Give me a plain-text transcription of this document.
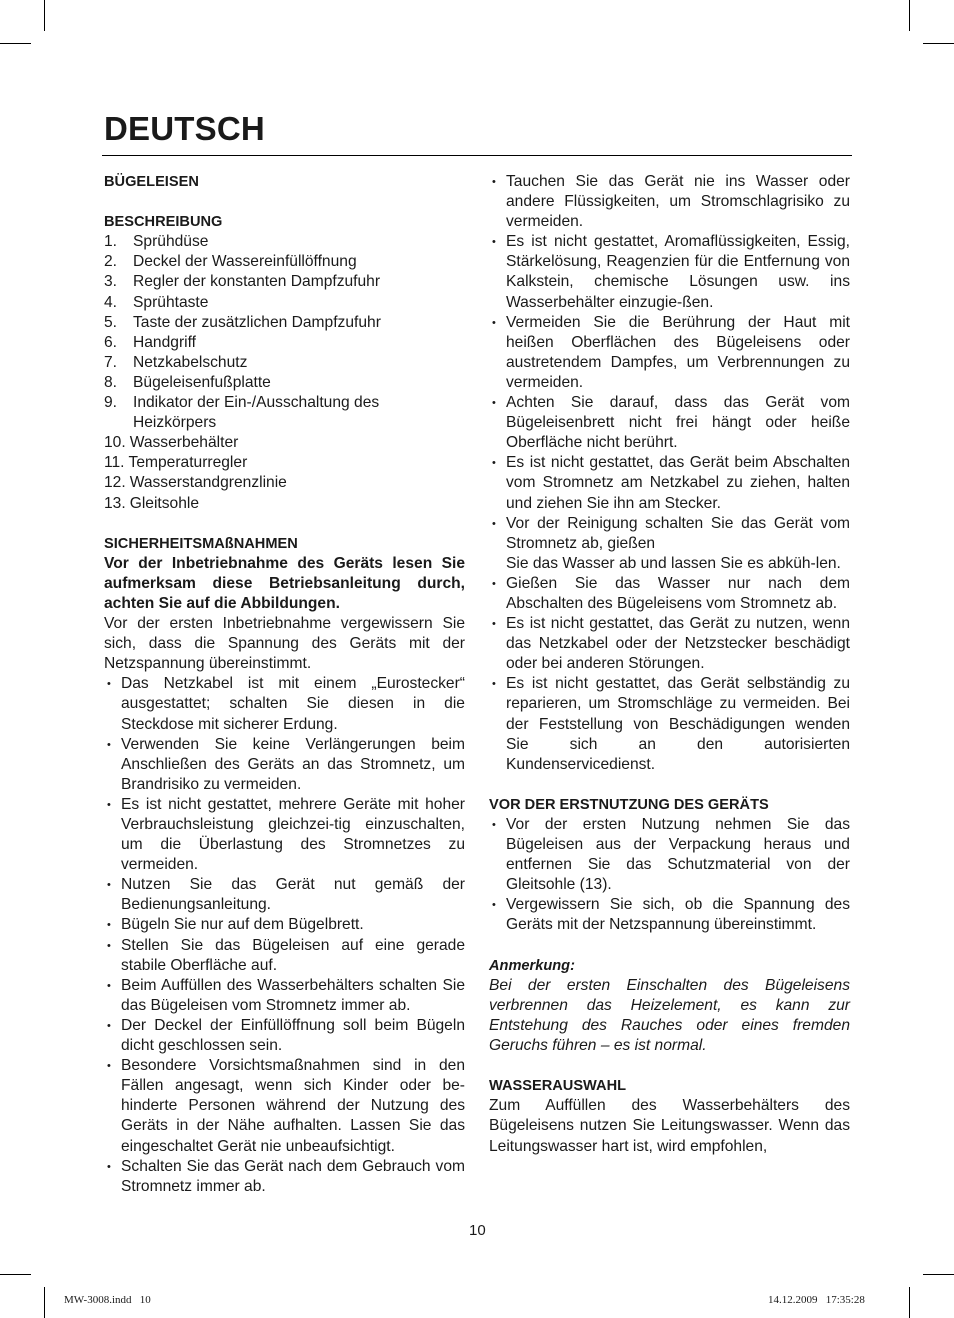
DEUTSCH

BÜGELEISEN

BESCHREIBUNG

1. Sprühdüse
2. Deckel der Wassereinfüllöffnung
3. Regler der konstanten Dampfzufuhr
4. Sprühtaste
5. Taste der zusätzlichen Dampfzufuhr
6. Handgriff
7. Netzkabelschutz
8. Bügeleisenfußplatte
9. Indikator der Ein-/Ausschaltung des Heizkörpers
10. Wasserbehälter
11. Temperaturregler
12. Wasserstandgrenzlinie
13. Gleitsohle

SICHERHEITSMAßNAHMEN

Vor der Inbetriebnahme des Geräts lesen Sie aufmerksam diese Betriebsanleitung durch, achten Sie auf die Abbildungen.

Vor der ersten Inbetriebnahme vergewissern Sie sich, dass die Spannung des Geräts mit der Netzspannung übereinstimmt.

• Das Netzkabel ist mit einem „Eurostecker“ ausgestattet; schalten Sie diesen in die Steckdose mit sicherer Erdung.
• Verwenden Sie keine Verlängerungen beim Anschließen des Geräts an das Stromnetz, um Brandrisiko zu vermeiden.
• Es ist nicht gestattet, mehrere Geräte mit hoher Verbrauchsleistung gleichzei-tig einzuschalten, um die Überlastung des Stromnetzes zu vermeiden.
• Nutzen Sie das Gerät nut gemäß der Bedienungsanleitung.
• Bügeln Sie nur auf dem Bügelbrett.
• Stellen Sie das Bügeleisen auf eine gerade stabile Oberfläche auf.
• Beim Auffüllen des Wasserbehälters schalten Sie das Bügeleisen vom Stromnetz immer ab.
• Der Deckel der Einfüllöffnung soll beim Bügeln dicht geschlossen sein.
• Besondere Vorsichtsmaßnahmen sind in den Fällen angesagt, wenn sich Kinder oder be-hinderte Personen während der Nutzung des Geräts in der Nähe aufhalten. Lassen Sie das eingeschaltet Gerät nie unbeaufsichtigt.
• Schalten Sie das Gerät nach dem Gebrauch vom Stromnetz immer ab.
• Tauchen Sie das Gerät nie ins Wasser oder andere Flüssigkeiten, um Stromschlagrisiko zu vermeiden.
• Es ist nicht gestattet, Aromaflüssigkeiten, Essig, Stärkelösung, Reagenzien für die Entfernung von Kalkstein, chemische Lösungen usw. ins Wasserbehälter einzugie-ßen.
• Vermeiden Sie die Berührung der Haut mit heißen Oberflächen des Bügeleisens oder austretendem Dampfes, um Verbrennungen zu vermeiden.
• Achten Sie darauf, dass das Gerät vom Bügeleisenbrett nicht frei hängt oder heiße Oberfläche nicht berührt.
• Es ist nicht gestattet, das Gerät beim Abschalten vom Stromnetz am Netzkabel zu ziehen, halten und ziehen Sie ihn am Stecker.
• Vor der Reinigung schalten Sie das Gerät vom Stromnetz ab, gießen
Sie das Wasser ab und lassen Sie es abküh-len.
• Gießen Sie das Wasser nur nach dem Abschalten des Bügeleisens vom Stromnetz ab.
• Es ist nicht gestattet, das Gerät zu nutzen, wenn das Netzkabel oder der Netzstecker beschädigt oder bei anderen Störungen.
• Es ist nicht gestattet, das Gerät selbständig zu reparieren, um Stromschläge zu vermeiden. Bei der Feststellung von Beschädigungen wenden Sie sich an den autorisierten Kundenservicedienst.

VOR DER ERSTNUTZUNG DES GERÄTS

• Vor der ersten Nutzung nehmen Sie das Bügeleisen aus der Verpackung heraus und entfernen Sie das Schutzmaterial von der Gleitsohle (13).
• Vergewissern Sie sich, ob die Spannung des Geräts mit der Netzspannung übereinstimmt.

Anmerkung:

Bei der ersten Einschalten des Bügeleisens verbrennen das Heizelement, es kann zur Entstehung des Rauches oder eines fremden Geruchs führen – es ist normal.

WASSERAUSWAHL

Zum Auffüllen des Wasserbehälters des Bügeleisens nutzen Sie Leitungswasser. Wenn das Leitungswasser hart ist, wird empfohlen,

10
MW-3008.indd   10	14.12.2009   17:35:28
